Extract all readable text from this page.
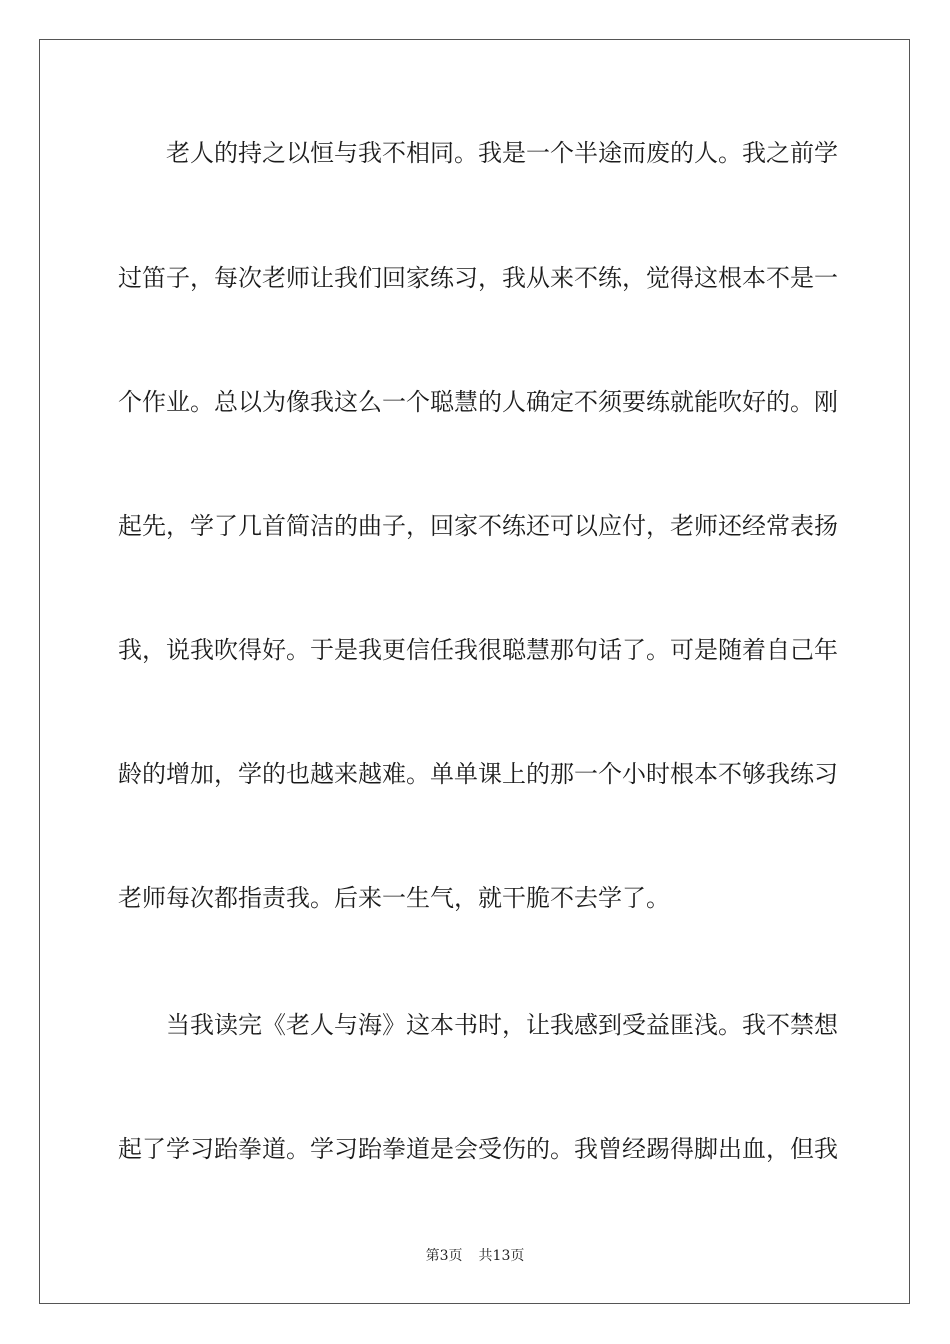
老人的持之以恒与我不相同。我是一个半途而废的人。我之前学
过笛子，每次老师让我们回家练习，我从来不练，觉得这根本不是一
个作业。总以为像我这么一个聪慧的人确定不须要练就能吹好的。刚
起先，学了几首简洁的曲子，回家不练还可以应付，老师还经常表扬
我，说我吹得好。于是我更信任我很聪慧那句话了。可是随着自己年
龄的增加，学的也越来越难。单单课上的那一个小时根本不够我练习
老师每次都指责我。后来一生气，就干脆不去学了。
当我读完《老人与海》这本书时，让我感到受益匪浅。我不禁想
起了学习跆拳道。学习跆拳道是会受伤的。我曾经踢得脚出血，但我
第3页 共13页
